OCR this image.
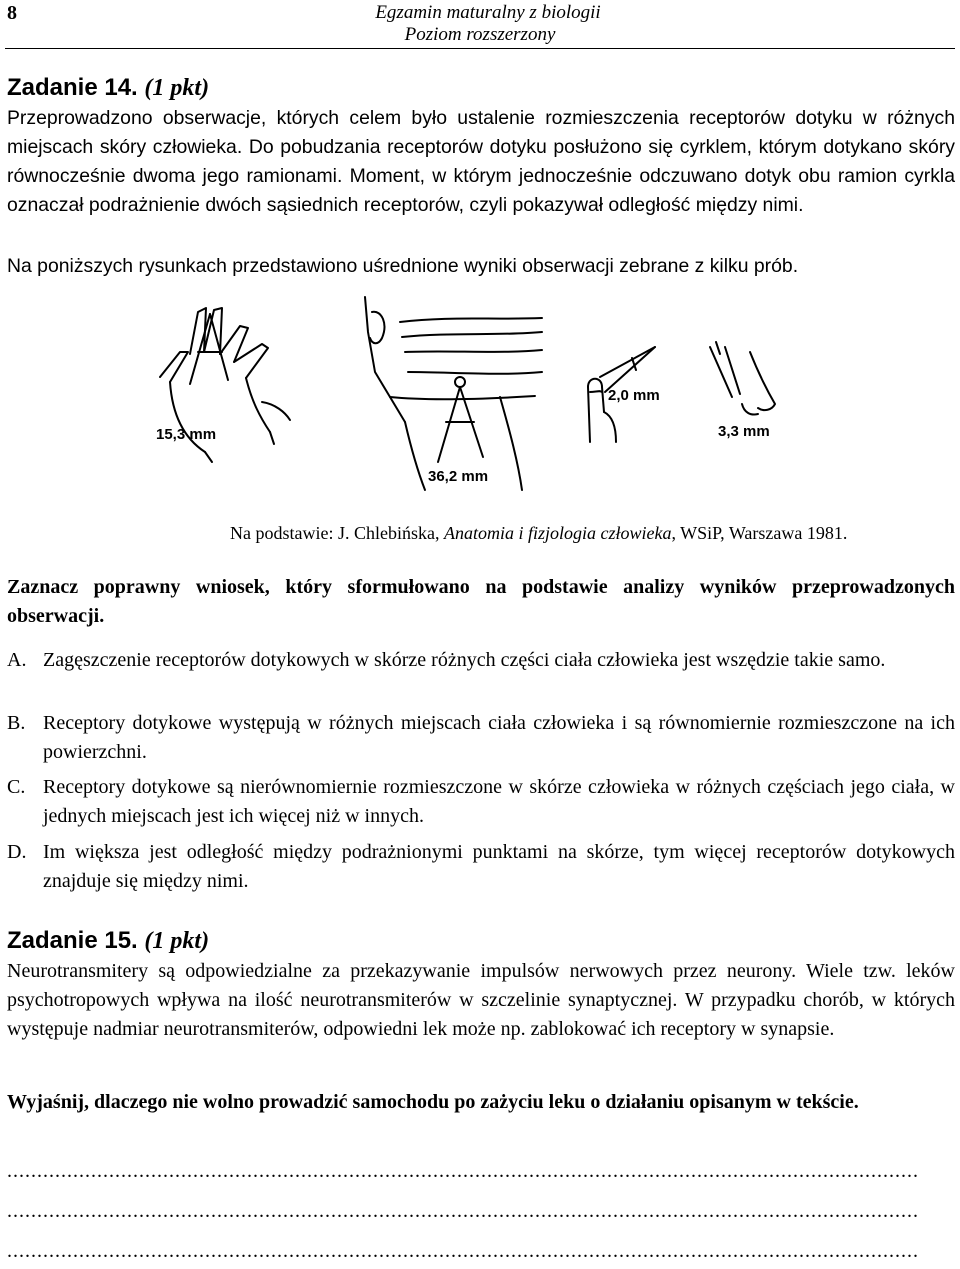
8	Egzamin maturalny z biologii
Poziom rozszerzony
Zadanie 14. (1 pkt)
Przeprowadzono obserwacje, których celem było ustalenie rozmieszczenia receptorów dotyku w różnych miejscach skóry człowieka. Do pobudzania receptorów dotyku posłużono się cyrklem, którym dotykano skóry równocześnie dwoma jego ramionami. Moment, w którym jednocześnie odczuwano dotyk obu ramion cyrkla oznaczał podrażnienie dwóch sąsiednich receptorów, czyli pokazywał odległość między nimi.
Na poniższych rysunkach przedstawiono uśrednione wyniki obserwacji zebrane z kilku prób.
15,3 mm
36,2 mm
2,0 mm
3,3 mm
Na podstawie: J. Chlebińska, Anatomia i fizjologia człowieka, WSiP, Warszawa 1981.
Zaznacz poprawny wniosek, który sformułowano na podstawie analizy wyników przeprowadzonych obserwacji.
A. Zagęszczenie receptorów dotykowych w skórze różnych części ciała człowieka jest wszędzie takie samo.
B. Receptory dotykowe występują w różnych miejscach ciała człowieka i są równomiernie rozmieszczone na ich powierzchni.
C. Receptory dotykowe są nierównomiernie rozmieszczone w skórze człowieka w różnych częściach jego ciała, w jednych miejscach jest ich więcej niż w innych.
D. Im większa jest odległość między podrażnionymi punktami na skórze, tym więcej receptorów dotykowych znajduje się między nimi.
Zadanie 15. (1 pkt)
Neurotransmitery są odpowiedzialne za przekazywanie impulsów nerwowych przez neurony. Wiele tzw. leków psychotropowych wpływa na ilość neurotransmiterów w szczelinie synaptycznej. W przypadku chorób, w których występuje nadmiar neurotransmiterów, odpowiedni lek może np. zablokować ich receptory w synapsie.
Wyjaśnij, dlaczego nie wolno prowadzić samochodu po zażyciu leku o działaniu opisanym w tekście.
........................................................................................................................................................
........................................................................................................................................................
........................................................................................................................................................
